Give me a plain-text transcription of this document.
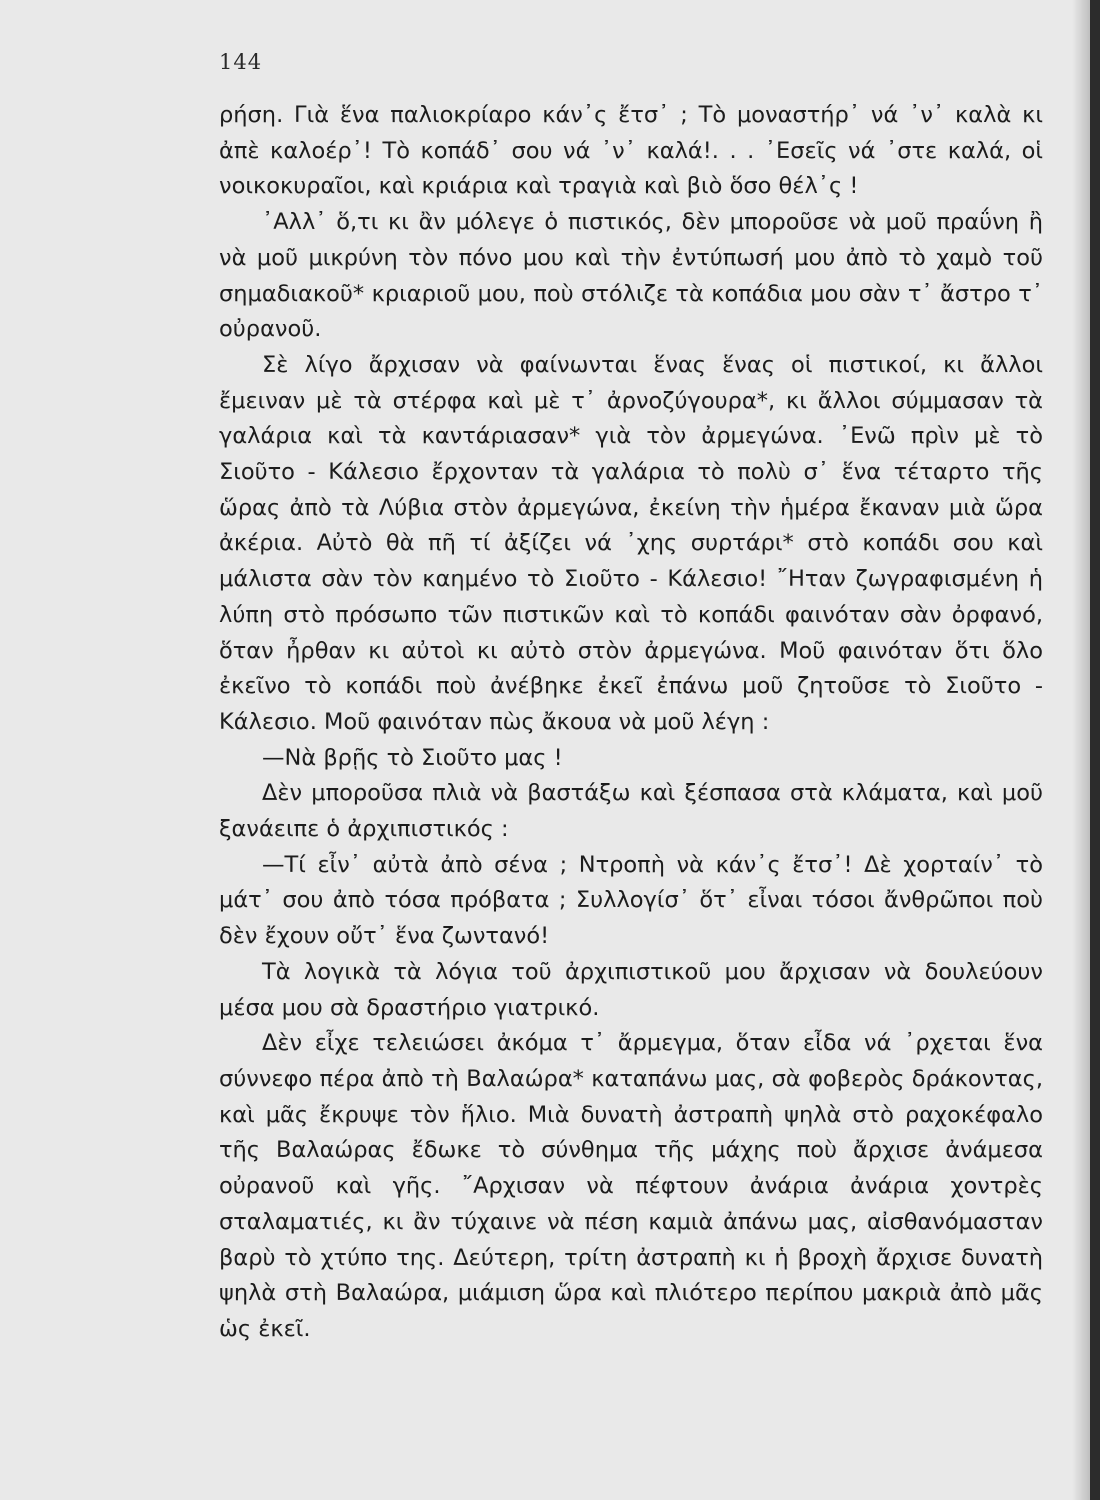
144

ρήση. Γιὰ ἕνα παλιοκρίαρο κάν᾽ς ἔτσ᾽ ; Τὸ μοναστήρ᾽ νά ᾽ν᾽ καλὰ κι ἀπὲ καλοέρ᾽! Τὸ κοπάδ᾽ σου νά ᾽ν᾽ καλά!. . . ᾽Εσεῖς νά ᾽στε καλά, οἱ νοικοκυραῖοι, καὶ κριάρια καὶ τραγιὰ καὶ βιὸ ὅσο θέλ᾽ς !

᾽Αλλ᾽ ὅ,τι κι ἂν μόλεγε ὁ πιστικός, δὲν μποροῦσε νὰ μοῦ πραΰνη ἢ νὰ μοῦ μικρύνη τὸν πόνο μου καὶ τὴν ἐντύπωσή μου ἀπὸ τὸ χαμὸ τοῦ σημαδιακοῦ* κριαριοῦ μου, ποὺ στόλιζε τὰ κοπάδια μου σὰν τ᾽ ἄστρο τ᾽ οὐρανοῦ.

Σὲ λίγο ἄρχισαν νὰ φαίνωνται ἕνας ἕνας οἱ πιστικοί, κι ἄλλοι ἔμειναν μὲ τὰ στέρφα καὶ μὲ τ᾽ ἀρνοζύγουρα*, κι ἄλλοι σύμμασαν τὰ γαλάρια καὶ τὰ καντάριασαν* γιὰ τὸν ἀρμεγώνα. ᾽Ενῶ πρὶν μὲ τὸ Σιοῦτο - Κάλεσιο ἔρχονταν τὰ γαλάρια τὸ πολὺ σ᾽ ἕνα τέταρτο τῆς ὥρας ἀπὸ τὰ Λύβια στὸν ἀρμεγώνα, ἐκείνη τὴν ἡμέρα ἔκαναν μιὰ ὥρα ἀκέρια. Αὐτὸ θὰ πῆ τί ἀξίζει νά ᾽χης συρτάρι* στὸ κοπάδι σου καὶ μάλιστα σὰν τὸν καημένο τὸ Σιοῦτο - Κάλεσιο! ῎Ηταν ζωγραφισμένη ἡ λύπη στὸ πρόσωπο τῶν πιστικῶν καὶ τὸ κοπάδι φαινόταν σὰν ὀρφανό, ὅταν ἦρθαν κι αὐτοὶ κι αὐτὸ στὸν ἀρμεγώνα. Μοῦ φαινόταν ὅτι ὅλο ἐκεῖνο τὸ κοπάδι ποὺ ἀνέβηκε ἐκεῖ ἐπάνω μοῦ ζητοῦσε τὸ Σιοῦτο - Κάλεσιο. Μοῦ φαινόταν πὼς ἄκουα νὰ μοῦ λέγη :

—Νὰ βρῇς τὸ Σιοῦτο μας !

Δὲν μποροῦσα πλιὰ νὰ βαστάξω καὶ ξέσπασα στὰ κλάματα, καὶ μοῦ ξανάειπε ὁ ἀρχιπιστικός :

—Τί εἶν᾽ αὐτὰ ἀπὸ σένα ; Ντροπὴ νὰ κάν᾽ς ἔτσ᾽! Δὲ χορταίν᾽ τὸ μάτ᾽ σου ἀπὸ τόσα πρόβατα ; Συλλογίσ᾽ ὅτ᾽ εἶναι τόσοι ἄνθρῶποι ποὺ δὲν ἔχουν οὔτ᾽ ἕνα ζωντανό!

Τὰ λογικὰ τὰ λόγια τοῦ ἀρχιπιστικοῦ μου ἄρχισαν νὰ δουλεύουν μέσα μου σὰ δραστήριο γιατρικό.

Δὲν εἶχε τελειώσει ἀκόμα τ᾽ ἄρμεγμα, ὅταν εἶδα νά ᾽ρχεται ἕνα σύννεφο πέρα ἀπὸ τὴ Βαλαώρα* καταπάνω μας, σὰ φοβερὸς δράκοντας, καὶ μᾶς ἔκρυψε τὸν ἥλιο. Μιὰ δυνατὴ ἀστραπὴ ψηλὰ στὸ ραχοκέφαλο τῆς Βαλαώρας ἔδωκε τὸ σύνθημα τῆς μάχης ποὺ ἄρχισε ἀνάμεσα οὐρανοῦ καὶ γῆς. ῎Αρχισαν νὰ πέφτουν ἀνάρια ἀνάρια χοντρὲς σταλαματιές, κι ἂν τύχαινε νὰ πέση καμιὰ ἀπάνω μας, αἰσθανόμασταν βαρὺ τὸ χτύπο της. Δεύτερη, τρίτη ἀστραπὴ κι ἡ βροχὴ ἄρχισε δυνατὴ ψηλὰ στὴ Βαλαώρα, μιάμιση ὥρα καὶ πλιότερο περίπου μακριὰ ἀπὸ μᾶς ὡς ἐκεῖ.
